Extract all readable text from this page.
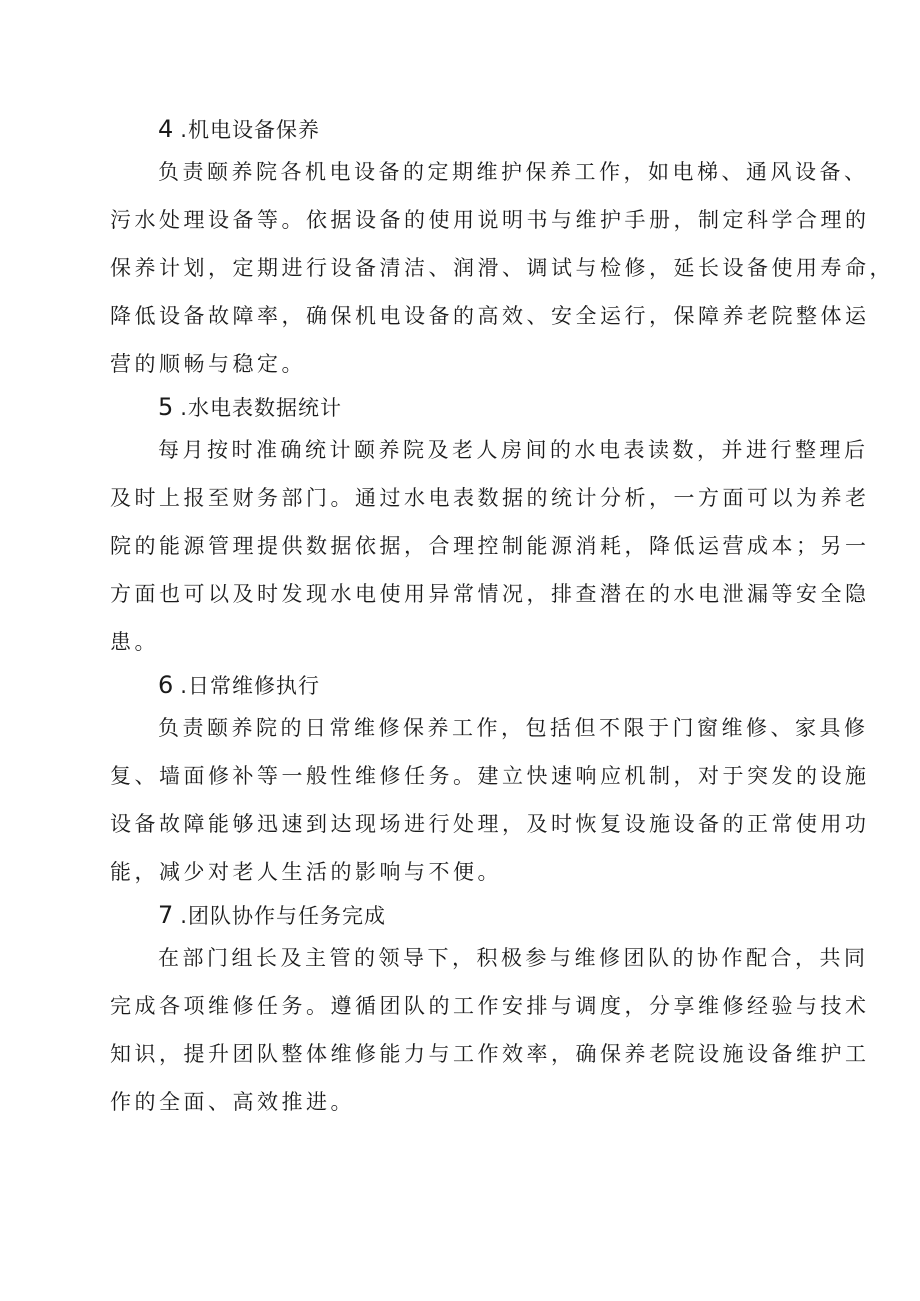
4 .机电设备保养
负责颐养院各机电设备的定期维护保养工作，如电梯、通风设备、
污水处理设备等。依据设备的使用说明书与维护手册，制定科学合理的
保养计划，定期进行设备清洁、润滑、调试与检修，延长设备使用寿命，
降低设备故障率，确保机电设备的高效、安全运行，保障养老院整体运
营的顺畅与稳定。
5 .水电表数据统计
每月按时准确统计颐养院及老人房间的水电表读数，并进行整理后
及时上报至财务部门。通过水电表数据的统计分析，一方面可以为养老
院的能源管理提供数据依据，合理控制能源消耗，降低运营成本；另一
方面也可以及时发现水电使用异常情况，排查潜在的水电泄漏等安全隐
患。
6 .日常维修执行
负责颐养院的日常维修保养工作，包括但不限于门窗维修、家具修
复、墙面修补等一般性维修任务。建立快速响应机制，对于突发的设施
设备故障能够迅速到达现场进行处理，及时恢复设施设备的正常使用功
能，减少对老人生活的影响与不便。
7 .团队协作与任务完成
在部门组长及主管的领导下，积极参与维修团队的协作配合，共同
完成各项维修任务。遵循团队的工作安排与调度，分享维修经验与技术
知识，提升团队整体维修能力与工作效率，确保养老院设施设备维护工
作的全面、高效推进。
